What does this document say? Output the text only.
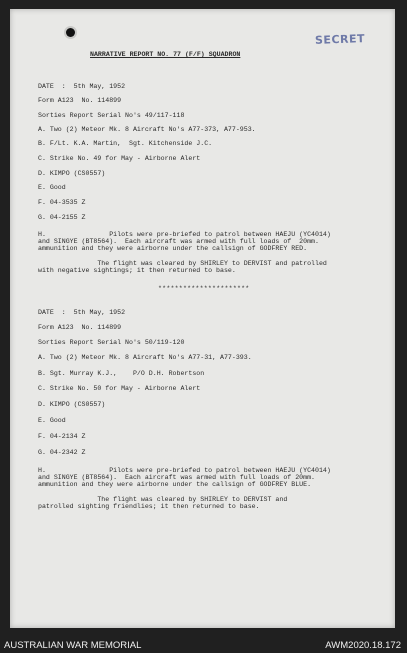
SECRET
NARRATIVE REPORT NO. 77 (F/F) SQUADRON
DATE  :  5th May, 1952
Form A123  No. 114899
Sorties Report Serial No's 49/117-118
A. Two (2) Meteor Mk. 8 Aircraft No's A77-373, A77-953.
B. F/Lt. K.A. Martin,  Sgt. Kitchenside J.C.
C. Strike No. 49 for May - Airborne Alert
D. KIMPO (CS0557)
E. Good
F. 04-3535 Z
G. 04-2155 Z
H.                Pilots were pre-briefed to patrol between HAEJU (YC4014)
and SINGYE (BT8564).  Each aircraft was armed with full loads of  20mm.
ammunition and they were airborne under the callsign of GODFREY RED.
The flight was cleared by SHIRLEY to DERVIST and patrolled
with negative sightings; it then returned to base.
**********************
DATE  :  5th May, 1952
Form A123  No. 114899
Sorties Report Serial No's 50/119-120
A. Two (2) Meteor Mk. 8 Aircraft No's A77-31, A77-393.
B. Sgt. Murray K.J.,    P/O D.H. Robertson
C. Strike No. 50 for May - Airborne Alert
D. KIMPO (CS0557)
E. Good
F. 04-2134 Z
G. 04-2342 Z
H.                Pilots were pre-briefed to patrol between HAEJU (YC4014)
and SINGYE (BT8564).  Each aircraft was armed with full loads of 20mm.
ammunition and they were airborne under the callsign of GODFREY BLUE.
The flight was cleared by SHIRLEY to DERVIST and
patrolled sighting friendlies; it then returned to base.
AUSTRALIAN WAR MEMORIAL	AWM2020.18.172
